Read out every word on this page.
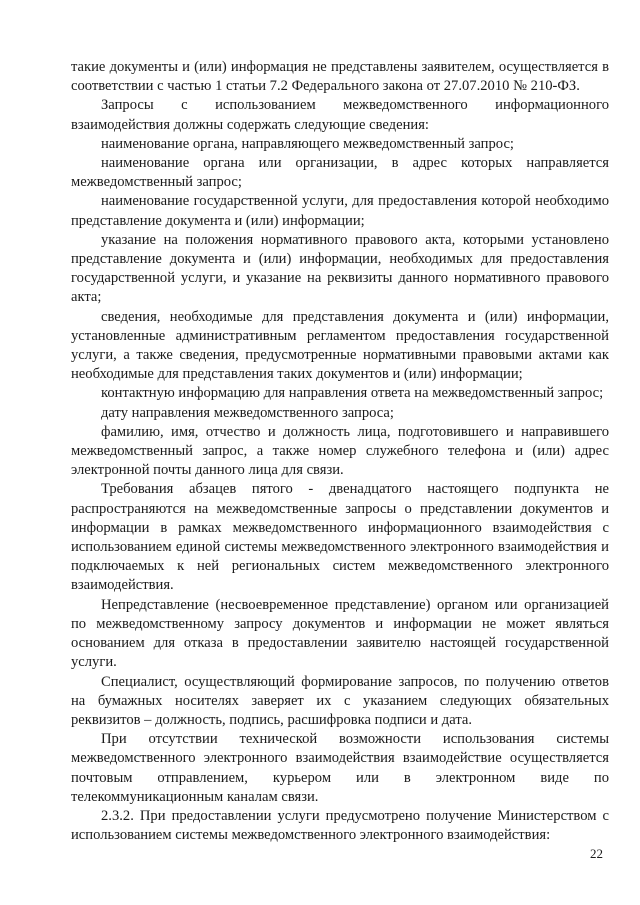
такие документы и (или) информация не представлены заявителем, осуществляется в соответствии с частью 1 статьи 7.2 Федерального закона от 27.07.2010 № 210-ФЗ.

Запросы с использованием межведомственного информационного взаимодействия должны содержать следующие сведения:

наименование органа, направляющего межведомственный запрос;

наименование органа или организации, в адрес которых направляется межведомственный запрос;

наименование государственной услуги, для предоставления которой необходимо представление документа и (или) информации;

указание на положения нормативного правового акта, которыми установлено представление документа и (или) информации, необходимых для предоставления государственной услуги, и указание на реквизиты данного нормативного правового акта;

сведения, необходимые для представления документа и (или) информации, установленные административным регламентом предоставления государственной услуги, а также сведения, предусмотренные нормативными правовыми актами как необходимые для представления таких документов и (или) информации;

контактную информацию для направления ответа на межведомственный запрос;

дату направления межведомственного запроса;

фамилию, имя, отчество и должность лица, подготовившего и направившего межведомственный запрос, а также номер служебного телефона и (или) адрес электронной почты данного лица для связи.

Требования абзацев пятого - двенадцатого настоящего подпункта не распространяются на межведомственные запросы о представлении документов и информации в рамках межведомственного информационного взаимодействия с использованием единой системы межведомственного электронного взаимодействия и подключаемых к ней региональных систем межведомственного электронного взаимодействия.

Непредставление (несвоевременное представление) органом или организацией по межведомственному запросу документов и информации не может являться основанием для отказа в предоставлении заявителю настоящей государственной услуги.

Специалист, осуществляющий формирование запросов, по получению ответов на бумажных носителях заверяет их с указанием следующих обязательных реквизитов – должность, подпись, расшифровка подписи и дата.

При отсутствии технической возможности использования системы межведомственного электронного взаимодействия взаимодействие осуществляется почтовым отправлением, курьером или в электронном виде по телекоммуникационным каналам связи.

2.3.2. При предоставлении услуги предусмотрено получение Министерством с использованием системы межведомственного электронного взаимодействия:

22
